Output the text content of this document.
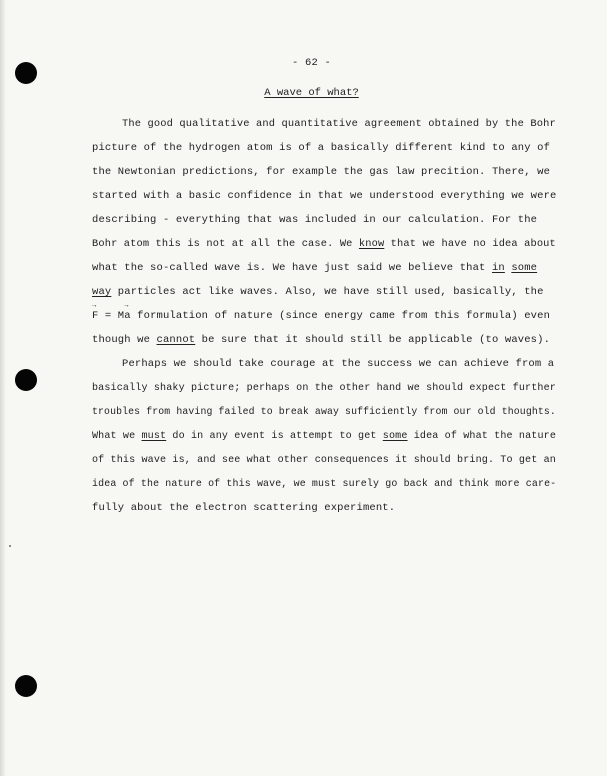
- 62 -
A wave of what?
The good qualitative and quantitative agreement obtained by the Bohr
picture of the hydrogen atom is of a basically different kind to any of
the Newtonian predictions, for example the gas law precition. There, we
started with a basic confidence in that we understood everything we were
describing - everything that was included in our calculation. For the
Bohr atom this is not at all the case. We know that we have no idea about
what the so-called wave is. We have just said we believe that in some
way particles act like waves. Also, we have still used, basically, the
→ F = M→ a formulation of nature (since energy came from this formula) even
though we cannot be sure that it should still be applicable (to waves).
Perhaps we should take courage at the success we can achieve from a
basically shaky picture; perhaps on the other hand we should expect further
troubles from having failed to break away sufficiently from our old thoughts.
What we must do in any event is attempt to get some idea of what the nature
of this wave is, and see what other consequences it should bring. To get an
idea of the nature of this wave, we must surely go back and think more care-
fully about the electron scattering experiment.
